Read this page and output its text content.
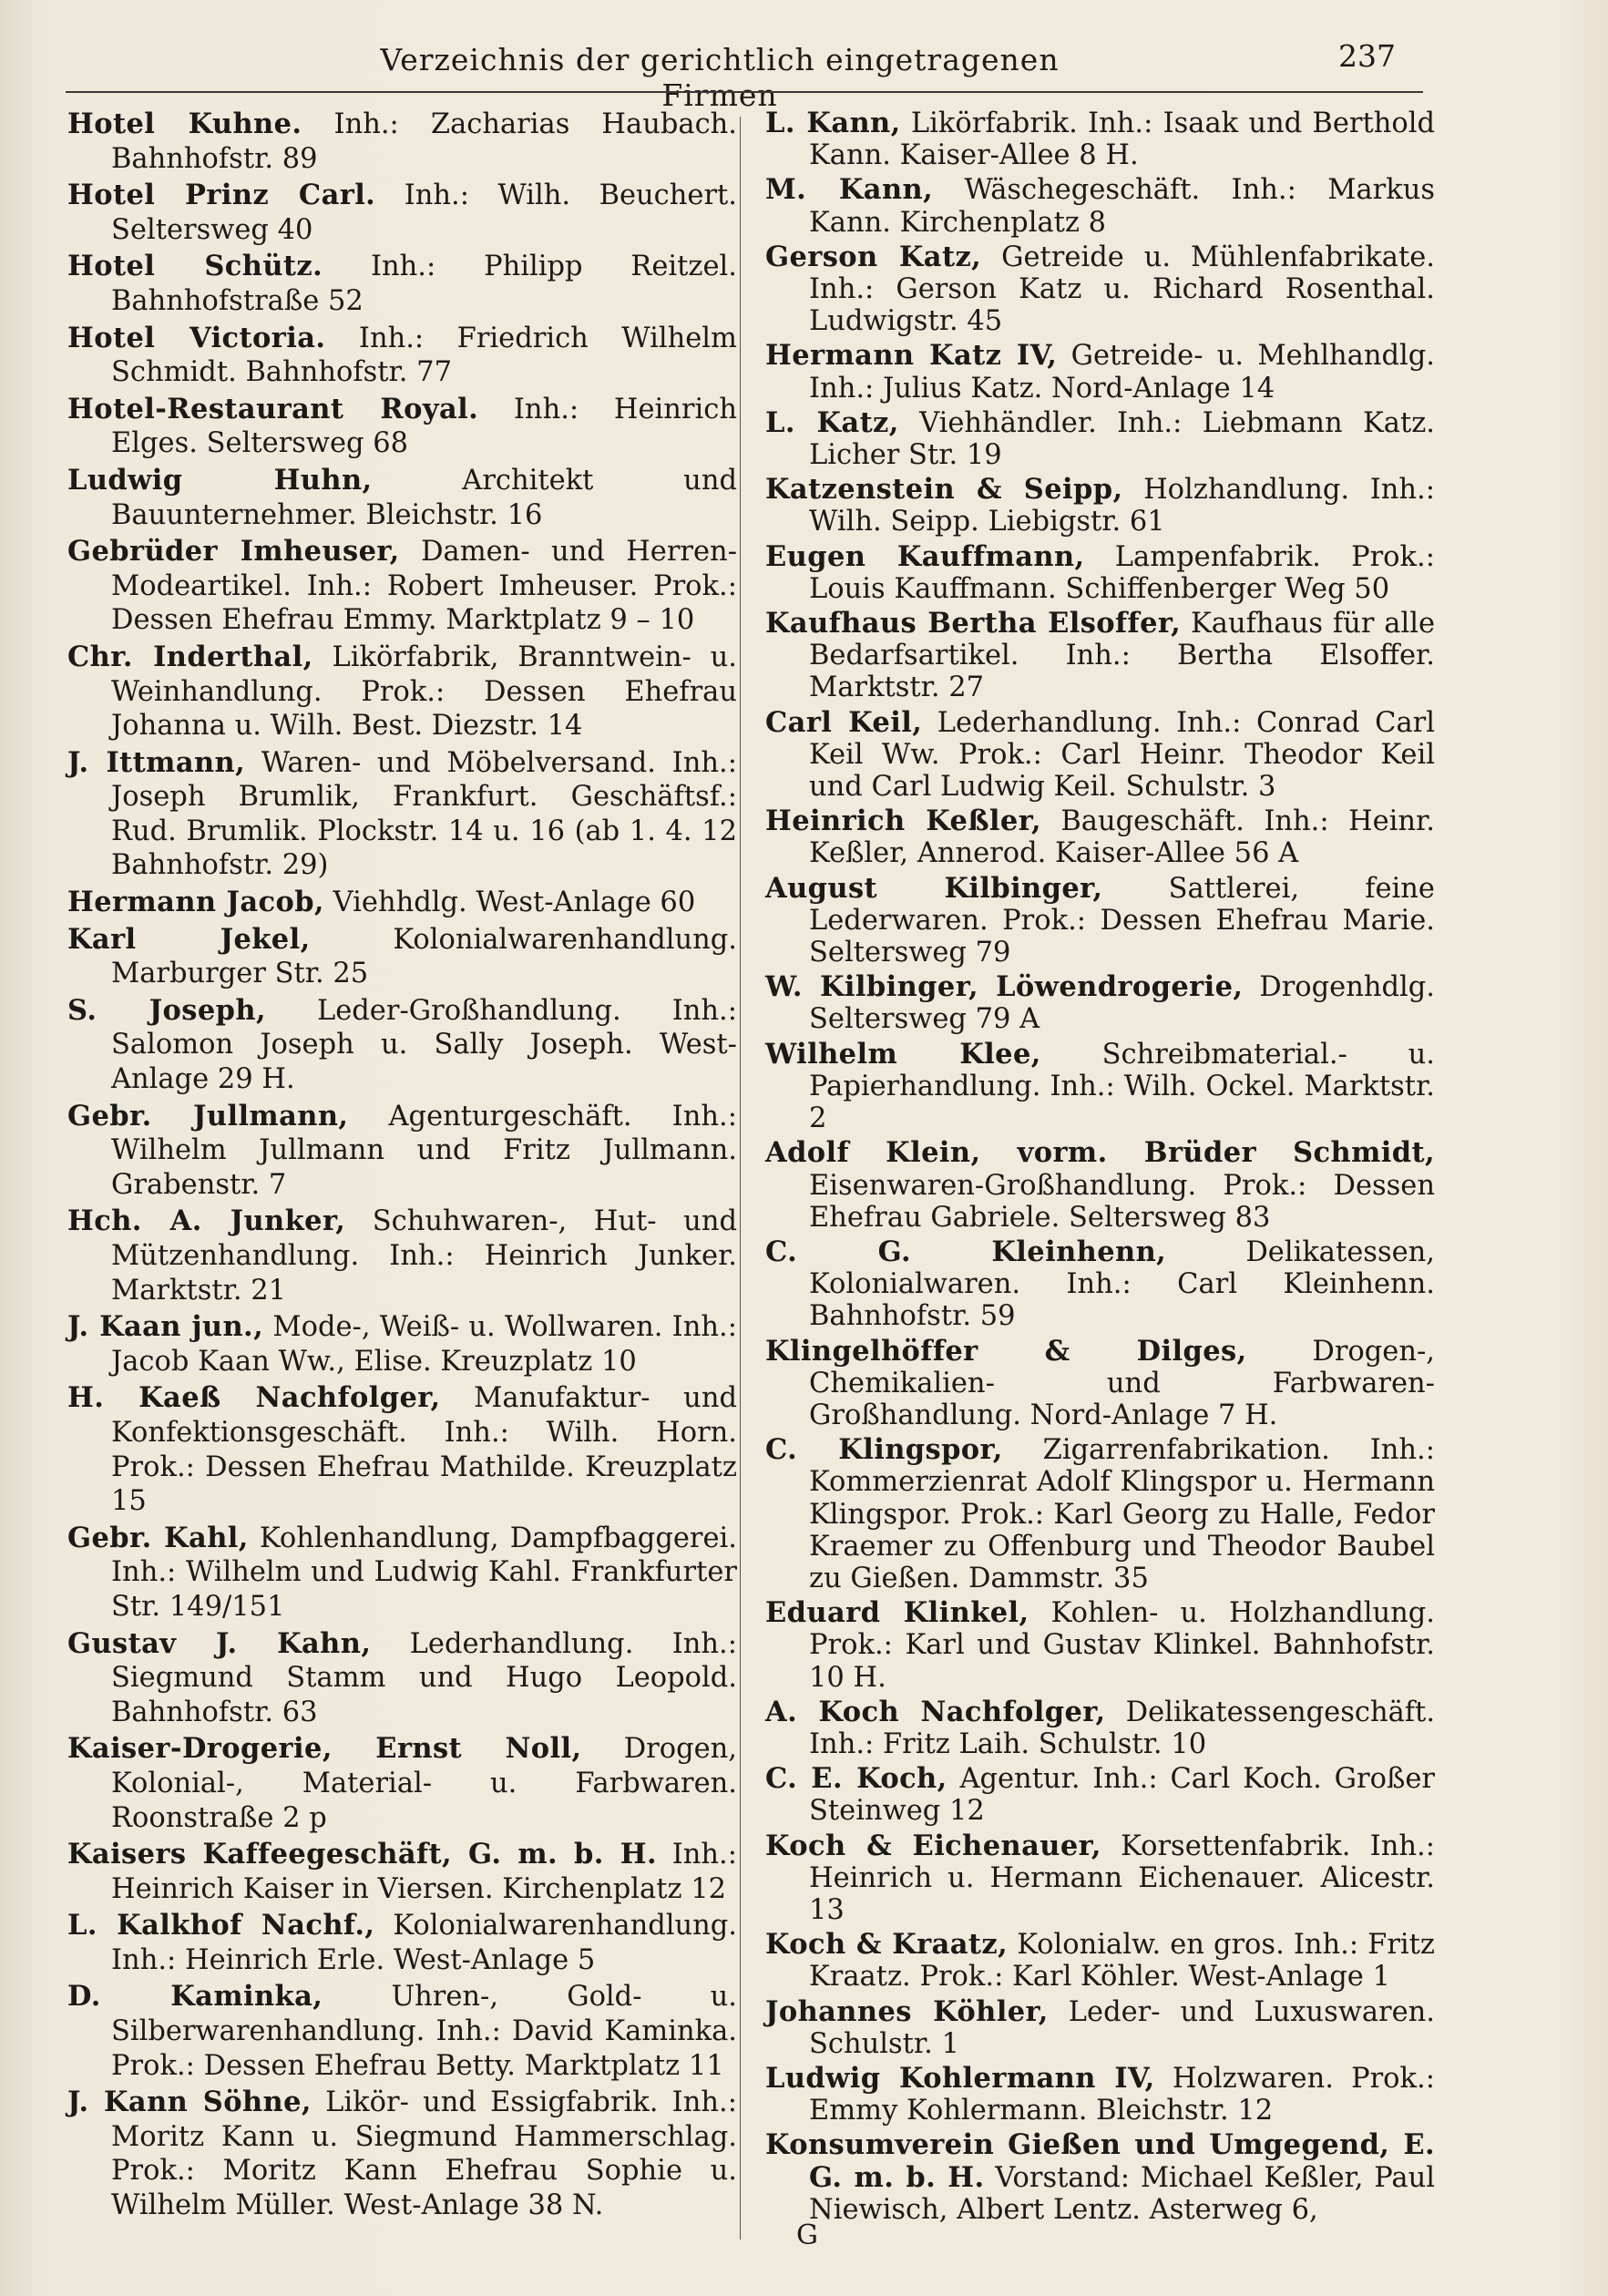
Verzeichnis der gerichtlich eingetragenen Firmen
237

Hotel Kuhne. Inh.: Zacharias Haubach. Bahnhofstr. 89

Hotel Prinz Carl. Inh.: Wilh. Beuchert. Seltersweg 40

Hotel Schütz. Inh.: Philipp Reitzel. Bahnhofstraße 52

Hotel Victoria. Inh.: Friedrich Wilhelm Schmidt. Bahnhofstr. 77

Hotel-Restaurant Royal. Inh.: Heinrich Elges. Seltersweg 68

Ludwig Huhn,	Architekt und Bauunternehmer. Bleichstr. 16

Gebrüder Imheuser, Damen- und Herren-Modeartikel. Inh.: Robert Imheuser. Prok.: Dessen Ehefrau Emmy. Marktplatz 9 – 10

Chr. Inderthal, Likörfabrik, Branntwein- u. Weinhandlung. Prok.: Dessen Ehefrau Johanna u. Wilh. Best. Diezstr. 14

J. Ittmann, Waren- und Möbelversand. Inh.: Joseph Brumlik, Frankfurt. Geschäftsf.: Rud. Brumlik. Plockstr. 14 u. 16 (ab 1. 4. 12 Bahnhofstr. 29)

Hermann Jacob, Viehhdlg. West-Anlage 60

Karl Jekel,	Kolonialwarenhandlung. Marburger Str. 25

S. Joseph, Leder-Großhandlung. Inh.: Salomon Joseph u. Sally Joseph. West-Anlage 29 H.

Gebr. Jullmann, Agenturgeschäft. Inh.: Wilhelm Jullmann und Fritz Jullmann. Grabenstr. 7

Hch. A. Junker, Schuhwaren-, Hut- und Mützenhandlung. Inh.: Heinrich Junker. Marktstr. 21

J. Kaan jun., Mode-, Weiß- u. Wollwaren. Inh.: Jacob Kaan Ww., Elise. Kreuzplatz 10

H. Kaeß Nachfolger, Manufaktur- und Konfektionsgeschäft. Inh.: Wilh. Horn. Prok.: Dessen Ehefrau Mathilde. Kreuzplatz 15

Gebr. Kahl, Kohlenhandlung, Dampfbaggerei. Inh.: Wilhelm und Ludwig Kahl. Frankfurter Str. 149/151

Gustav J. Kahn, Lederhandlung. Inh.: Siegmund Stamm und Hugo Leopold. Bahnhofstr. 63

Kaiser-Drogerie, Ernst Noll, Drogen, Kolonial-, Material- u. Farbwaren. Roonstraße 2 p

Kaisers Kaffeegeschäft, G. m. b. H. Inh.: Heinrich Kaiser in Viersen. Kirchenplatz 12

L. Kalkhof Nachf., Kolonialwarenhandlung. Inh.: Heinrich Erle. West-Anlage 5

D. Kaminka, Uhren-, Gold- u. Silberwarenhandlung. Inh.: David Kaminka. Prok.: Dessen Ehefrau Betty. Marktplatz 11

J. Kann Söhne, Likör- und Essigfabrik. Inh.: Moritz Kann u. Siegmund Hammerschlag. Prok.: Moritz Kann Ehefrau Sophie u. Wilhelm Müller. West-Anlage 38 N.

L. Kann, Likörfabrik. Inh.: Isaak und Berthold Kann. Kaiser-Allee 8 H.

M. Kann, Wäschegeschäft. Inh.: Markus Kann. Kirchenplatz 8

Gerson Katz, Getreide u. Mühlenfabrikate. Inh.: Gerson Katz u. Richard Rosenthal. Ludwigstr. 45

Hermann Katz IV, Getreide- u. Mehlhandlg. Inh.: Julius Katz. Nord-Anlage 14

L. Katz, Viehhändler. Inh.: Liebmann Katz. Licher Str. 19

Katzenstein & Seipp, Holzhandlung. Inh.: Wilh. Seipp. Liebigstr. 61

Eugen Kauffmann, Lampenfabrik. Prok.: Louis Kauffmann. Schiffenberger Weg 50

Kaufhaus Bertha Elsoffer, Kaufhaus für alle Bedarfsartikel. Inh.: Bertha Elsoffer. Marktstr. 27

Carl Keil, Lederhandlung. Inh.: Conrad Carl Keil Ww. Prok.: Carl Heinr. Theodor Keil und Carl Ludwig Keil. Schulstr. 3

Heinrich Keßler, Baugeschäft. Inh.: Heinr. Keßler, Annerod. Kaiser-Allee 56 A

August Kilbinger, Sattlerei, feine Lederwaren. Prok.: Dessen Ehefrau Marie. Seltersweg 79

W. Kilbinger, Löwendrogerie, Drogenhdlg. Seltersweg 79 A

Wilhelm Klee, Schreibmaterial.- u. Papierhandlung. Inh.: Wilh. Ockel. Marktstr. 2

Adolf Klein, vorm. Brüder Schmidt, Eisenwaren-Großhandlung. Prok.: Dessen Ehefrau Gabriele. Seltersweg 83

C. G. Kleinhenn,	Delikatessen, Kolonialwaren. Inh.: Carl Kleinhenn. Bahnhofstr. 59

Klingelhöffer & Dilges, Drogen-, Chemikalien- und Farbwaren-Großhandlung. Nord-Anlage 7 H.

C. Klingspor, Zigarrenfabrikation. Inh.: Kommerzienrat Adolf Klingspor u. Hermann Klingspor. Prok.: Karl Georg zu Halle, Fedor Kraemer zu Offenburg und Theodor Baubel zu Gießen. Dammstr. 35

Eduard Klinkel, Kohlen- u. Holzhandlung. Prok.: Karl und Gustav Klinkel. Bahnhofstr. 10 H.

A. Koch Nachfolger, Delikatessengeschäft. Inh.: Fritz Laih. Schulstr. 10

C. E. Koch, Agentur. Inh.: Carl Koch. Großer Steinweg 12

Koch & Eichenauer, Korsettenfabrik. Inh.: Heinrich u. Hermann Eichenauer. Alicestr. 13

Koch & Kraatz, Kolonialw. en gros. Inh.: Fritz Kraatz. Prok.: Karl Köhler. West-Anlage 1

Johannes Köhler, Leder- und Luxuswaren. Schulstr. 1

Ludwig Kohlermann IV, Holzwaren. Prok.: Emmy Kohlermann. Bleichstr. 12

Konsumverein Gießen und Umgegend, E. G. m. b. H. Vorstand: Michael Keßler, Paul Niewisch, Albert Lentz. Asterweg 6,

G
